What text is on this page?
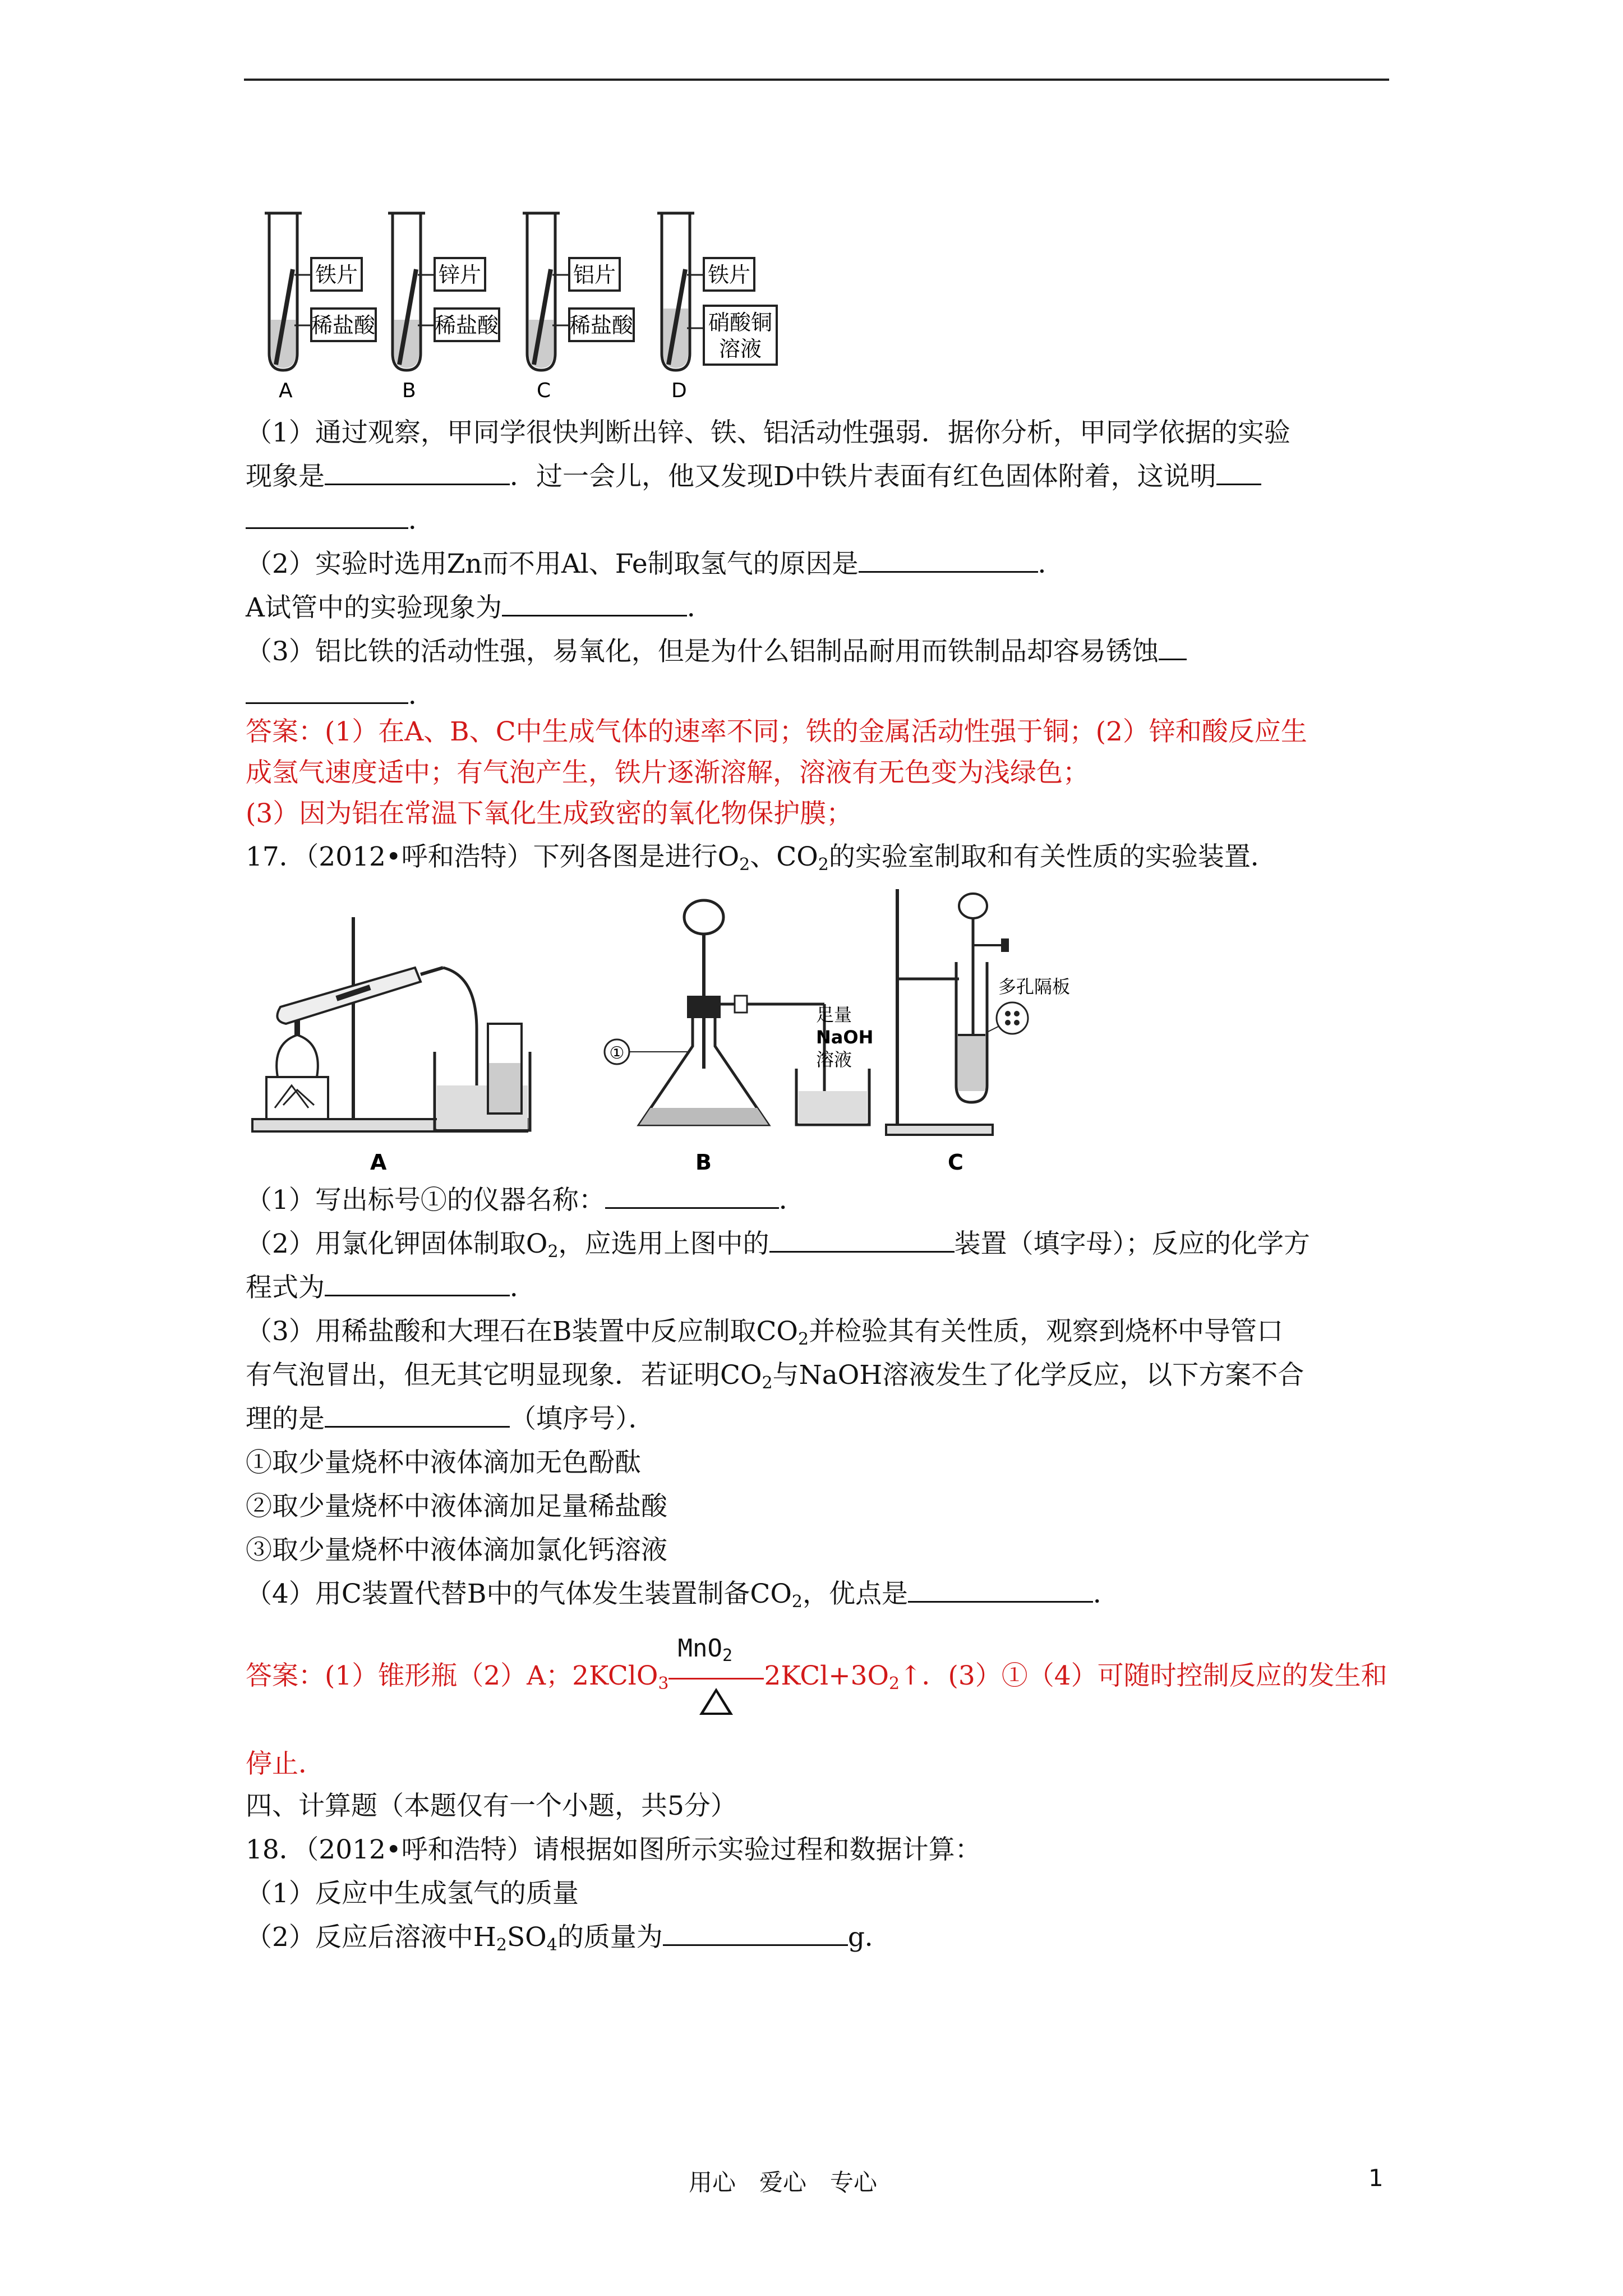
铁片
稀盐酸
A
锌片
稀盐酸
B
铝片
稀盐酸
C
铁片
硝酸铜
溶液
D
（1）通过观察，甲同学很快判断出锌、铁、铝活动性强弱．据你分析，甲同学依据的实验
现象是	．过一会儿，他又发现D中铁片表面有红色固体附着，这说明
．
（2）实验时选用Zn而不用Al、Fe制取氢气的原因是	．
A试管中的实验现象为	．
（3）铝比铁的活动性强，易氧化，但是为什么铝制品耐用而铁制品却容易锈蚀
．
答案：(1）在A、B、C中生成气体的速率不同；铁的金属活动性强于铜；(2）锌和酸反应生
成氢气速度适中；有气泡产生，铁片逐渐溶解，溶液有无色变为浅绿色；
(3）因为铝在常温下氧化生成致密的氧化物保护膜；
17．（2012•呼和浩特）下列各图是进行$O_2$、$CO_2$的实验室制取和有关性质的实验装置．
A
①
足量
NaOH
溶液
B
多孔隔板
C
（1）写出标号①的仪器名称：	．
（2）用氯化钾固体制取$O_2$，应选用上图中的	装置（填字母）；反应的化学方
程式为	．
（3）用稀盐酸和大理石在B装置中反应制取$CO_2$并检验其有关性质，观察到烧杯中导管口
有气泡冒出，但无其它明显现象．若证明$CO_2$与NaOH溶液发生了化学反应，以下方案不合
理的是	（填序号）．
①取少量烧杯中液体滴加无色酚酞
②取少量烧杯中液体滴加足量稀盐酸
③取少量烧杯中液体滴加氯化钙溶液
（4）用C装置代替B中的气体发生装置制备$CO_2$，优点是	．
答案：(1）锥形瓶（2）A；2KClO$_3$
MnO$_2$
$2KCl+3O_2↑$．(3）①（4）可随时控制反应的发生和
停止．
四、计算题（本题仅有一个小题，共5分）
18．（2012•呼和浩特）请根据如图所示实验过程和数据计算：
（1）反应中生成氢气的质量
（2）反应后溶液中$H_2SO_4$的质量为	g．
用心　爱心　专心	1
